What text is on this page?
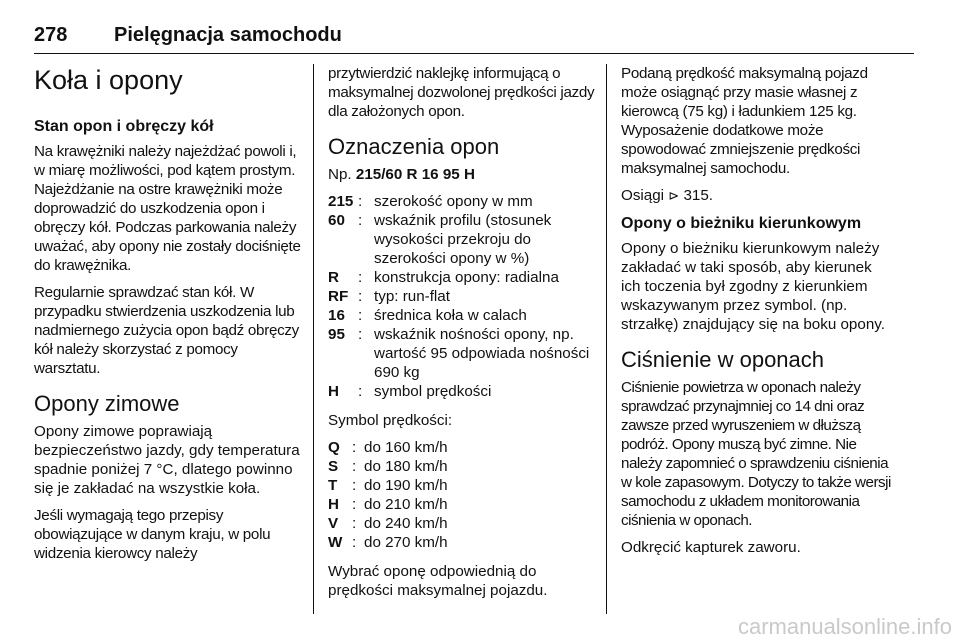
278 Pielęgnacja samochodu
Koła i opony
Stan opon i obręczy kół

Na krawężniki należy najeżdżać powoli i, w miarę możliwości, pod kątem prostym. Najeżdżanie na ostre krawężniki może doprowadzić do uszkodzenia opon i obręczy kół. Podczas parkowania należy uważać, aby opony nie zostały dociśnięte do krawężnika.

Regularnie sprawdzać stan kół. W przypadku stwierdzenia uszkodzenia lub nadmiernego zużycia opon bądź obręczy kół należy skorzystać z pomocy warsztatu.

Opony zimowe

Opony zimowe poprawiają bezpieczeństwo jazdy, gdy temperatura spadnie poniżej 7 °C, dlatego powinno się je zakładać na wszystkie koła.

Jeśli wymagają tego przepisy obowiązujące w danym kraju, w polu widzenia kierowcy należy

przytwierdzić naklejkę informującą o maksymalnej dozwolonej prędkości jazdy dla założonych opon.

Oznaczenia opon

Np. 215/60 R 16 95 H

215	:	szerokość opony w mm
60	:	wskaźnik profilu (stosunek wysokości przekroju do szerokości opony w %)
R	:	konstrukcja opony: radialna
RF	:	typ: run-flat
16	:	średnica koła w calach
95	:	wskaźnik nośności opony, np. wartość 95 odpowiada nośności 690 kg
H	:	symbol prędkości

Symbol prędkości:

Q	:	do 160 km/h
S	:	do 180 km/h
T	:	do 190 km/h
H	:	do 210 km/h
V	:	do 240 km/h
W	:	do 270 km/h

Wybrać oponę odpowiednią do prędkości maksymalnej pojazdu.

Podaną prędkość maksymalną pojazd może osiągnąć przy masie własnej z kierowcą (75 kg) i ładunkiem 125 kg. Wyposażenie dodatkowe może spowodować zmniejszenie prędkości maksymalnej samochodu.

Osiągi ⊳ 315.

Opony o bieżniku kierunkowym

Opony o bieżniku kierunkowym należy zakładać w taki sposób, aby kierunek ich toczenia był zgodny z kierunkiem wskazywanym przez symbol. (np. strzałkę) znajdujący się na boku opony.

Ciśnienie w oponach

Ciśnienie powietrza w oponach należy sprawdzać przynajmniej co 14 dni oraz zawsze przed wyruszeniem w dłuższą podróż. Opony muszą być zimne. Nie należy zapomnieć o sprawdzeniu ciśnienia w kole zapasowym. Dotyczy to także wersji samochodu z układem monitorowania ciśnienia w oponach.

Odkręcić kapturek zaworu.

carmanualsonline.info
